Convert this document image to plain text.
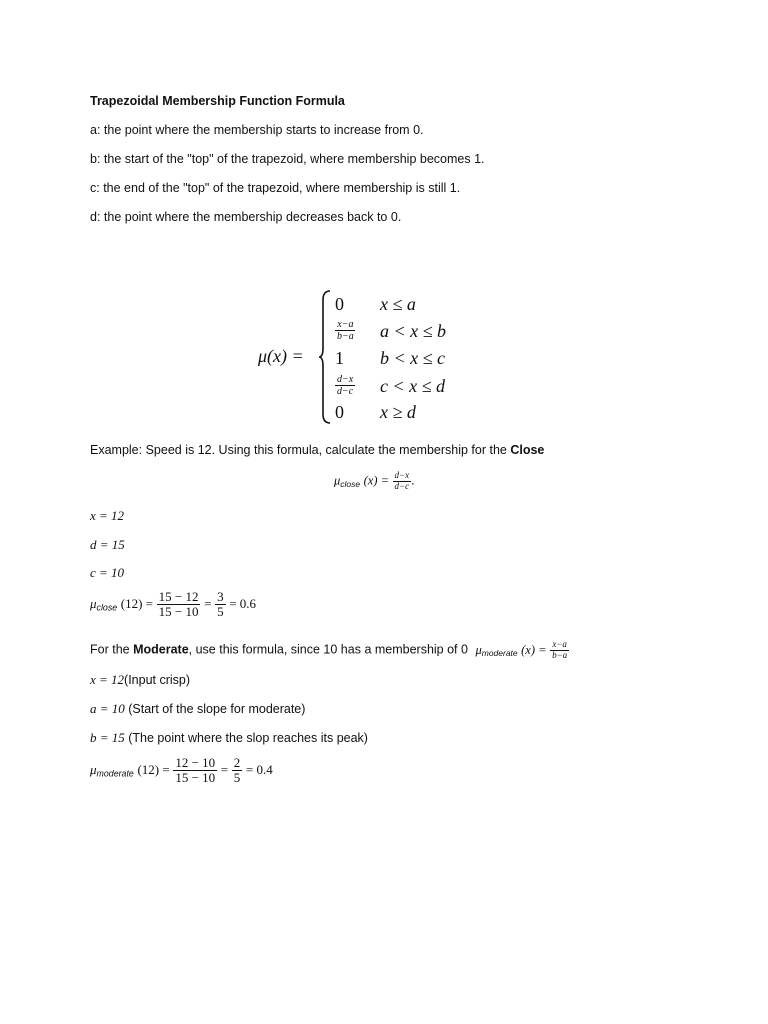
Trapezoidal Membership Function Formula
a: the point where the membership starts to increase from 0.
b: the start of the "top" of the trapezoid, where membership becomes 1.
c: the end of the "top" of the trapezoid, where membership is still 1.
d: the point where the membership decreases back to 0.
μ(x) =
0 x ≤ a
$\frac{x-a}{b-a}$ a < x ≤ b
1 b < x ≤ c
$\frac{d-x}{d-c}$ c < x ≤ d
0 x ≥ d
Example: Speed is 12. Using this formula, calculate the membership for the Close
$\mu_{close}$ $(x) = \frac{d-x}{d-c}$ .
x = 12
d = 15
c = 10
$\mu_{close}$ $(12) = \frac{15 - 12}{15 - 10} = \frac{3}{5} = 0.6$
For the Moderate, use this formula, since 10 has a membership of 0 $\mu_{moderate}$ $(x) = \frac{x-a}{b-a}$
x = 12(Input crisp)
a = 10 (Start of the slope for moderate)
b = 15 (The point where the slop reaches its peak)
$\mu_{moderate}$ $(12) = \frac{12 - 10}{15 - 10} = \frac{2}{5} = 0.4$
